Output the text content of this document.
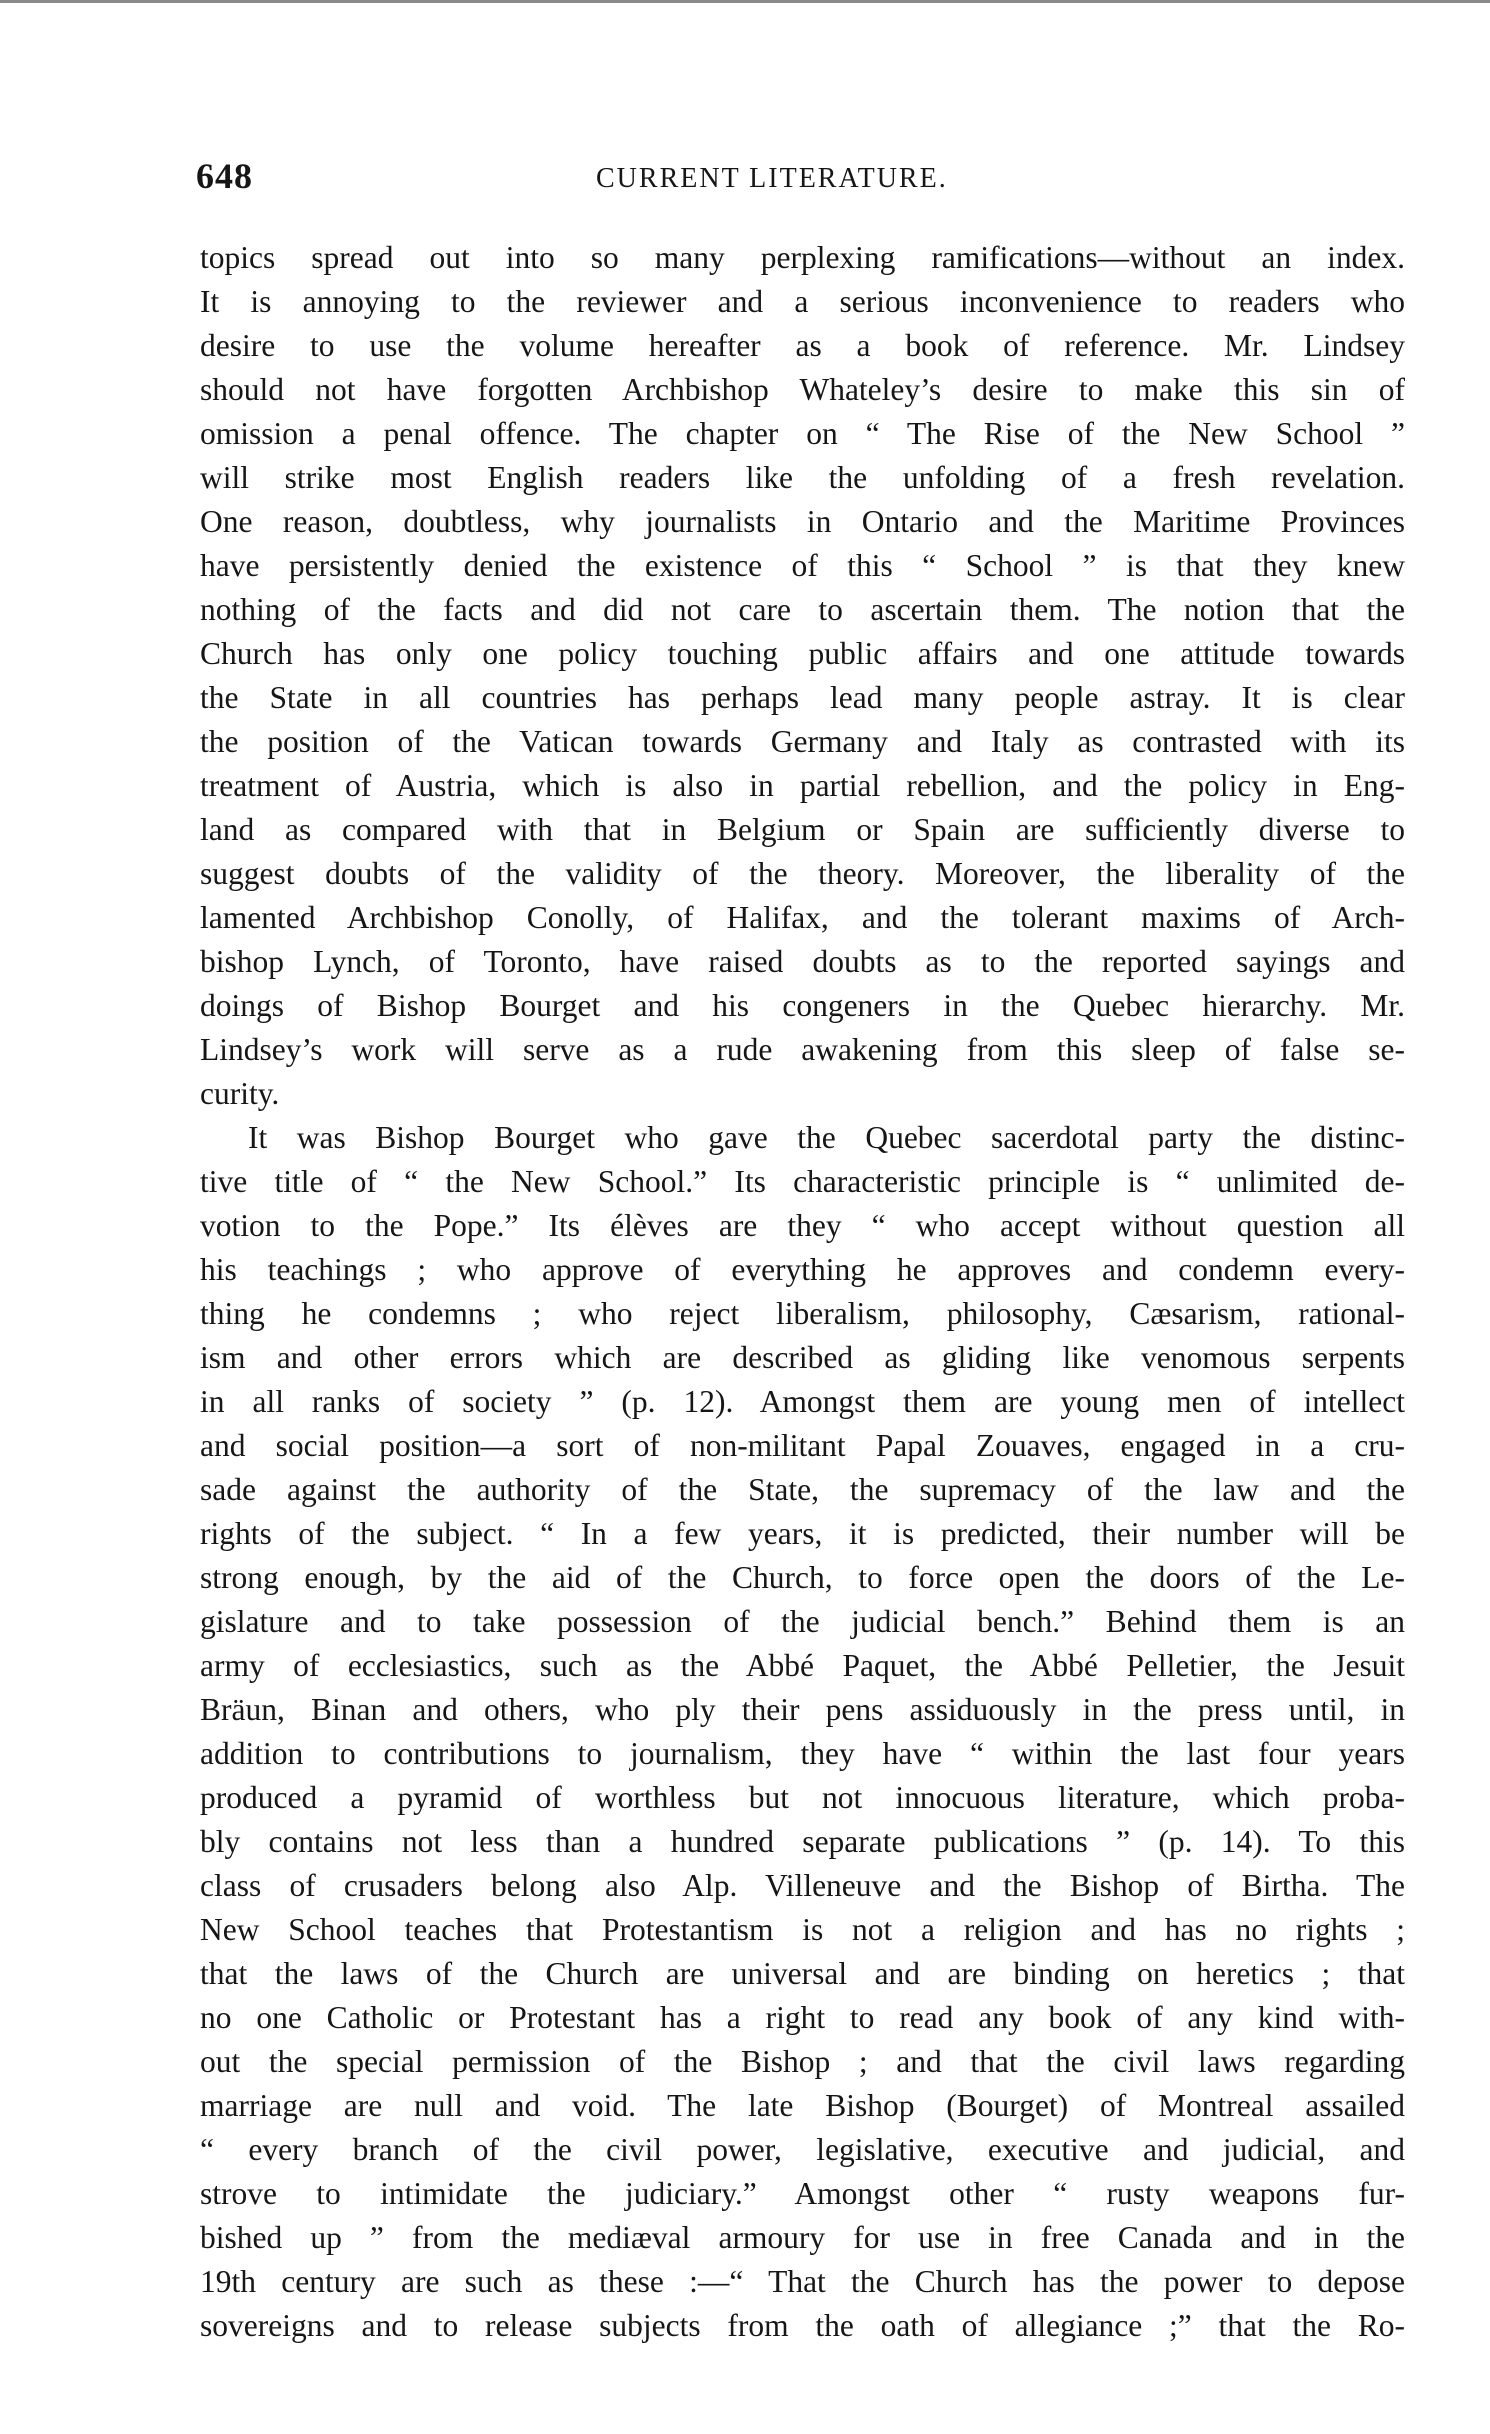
648	CURRENT LITERATURE.
topics spread out into so many perplexing ramifications—without an index.
It is annoying to the reviewer and a serious inconvenience to readers who
desire to use the volume hereafter as a book of reference. Mr. Lindsey
should not have forgotten Archbishop Whateley’s desire to make this sin of
omission a penal offence. The chapter on “ The Rise of the New School ”
will strike most English readers like the unfolding of a fresh revelation.
One reason, doubtless, why journalists in Ontario and the Maritime Provinces
have persistently denied the existence of this “ School ” is that they knew
nothing of the facts and did not care to ascertain them. The notion that the
Church has only one policy touching public affairs and one attitude towards
the State in all countries has perhaps lead many people astray. It is clear
the position of the Vatican towards Germany and Italy as contrasted with its
treatment of Austria, which is also in partial rebellion, and the policy in Eng-
land as compared with that in Belgium or Spain are sufficiently diverse to
suggest doubts of the validity of the theory. Moreover, the liberality of the
lamented Archbishop Conolly, of Halifax, and the tolerant maxims of Arch-
bishop Lynch, of Toronto, have raised doubts as to the reported sayings and
doings of Bishop Bourget and his congeners in the Quebec hierarchy. Mr.
Lindsey’s work will serve as a rude awakening from this sleep of false se-
curity.
It was Bishop Bourget who gave the Quebec sacerdotal party the distinc-
tive title of “ the New School.” Its characteristic principle is “ unlimited de-
votion to the Pope.” Its élèves are they “ who accept without question all
his teachings ; who approve of everything he approves and condemn every-
thing he condemns ; who reject liberalism, philosophy, Cæsarism, rational-
ism and other errors which are described as gliding like venomous serpents
in all ranks of society ” (p. 12). Amongst them are young men of intellect
and social position—a sort of non-militant Papal Zouaves, engaged in a cru-
sade against the authority of the State, the supremacy of the law and the
rights of the subject. “ In a few years, it is predicted, their number will be
strong enough, by the aid of the Church, to force open the doors of the Le-
gislature and to take possession of the judicial bench.” Behind them is an
army of ecclesiastics, such as the Abbé Paquet, the Abbé Pelletier, the Jesuit
Bräun, Binan and others, who ply their pens assiduously in the press until, in
addition to contributions to journalism, they have “ within the last four years
produced a pyramid of worthless but not innocuous literature, which proba-
bly contains not less than a hundred separate publications ” (p. 14). To this
class of crusaders belong also Alp. Villeneuve and the Bishop of Birtha. The
New School teaches that Protestantism is not a religion and has no rights ;
that the laws of the Church are universal and are binding on heretics ; that
no one Catholic or Protestant has a right to read any book of any kind with-
out the special permission of the Bishop ; and that the civil laws regarding
marriage are null and void. The late Bishop (Bourget) of Montreal assailed
“ every branch of the civil power, legislative, executive and judicial, and
strove to intimidate the judiciary.” Amongst other “ rusty weapons fur-
bished up ” from the mediæval armoury for use in free Canada and in the
19th century are such as these :—“ That the Church has the power to depose
sovereigns and to release subjects from the oath of allegiance ;” that the Ro-
